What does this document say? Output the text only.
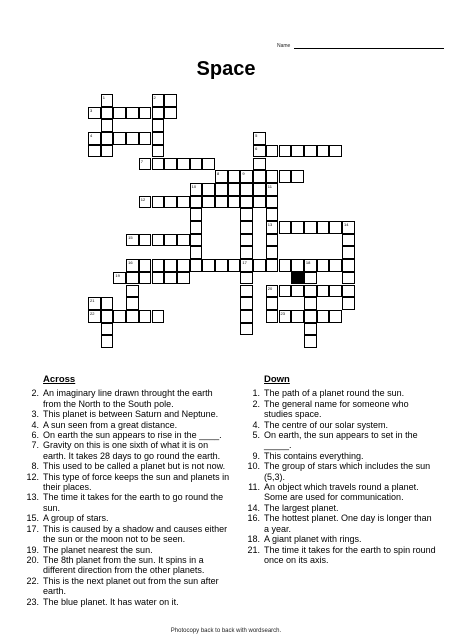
Name
Space
1	2
3
4	5
6
7
8	9
10	11
12
13	14
15
16	17	18
19
20
21
22	23
Across
2. An imaginary line drawn throught the earth from the North to the South pole.
3. This planet is between Saturn and Neptune.
4. A sun seen from a great distance.
6. On earth the sun appears to rise in the ____.
7. Gravity on this is one sixth of what it is on earth. It takes 28 days to go round the earth.
8. This used to be called a planet but is not now.
12. This type of force keeps the sun and planets in their places.
13. The time it takes for the earth to go round the sun.
15. A group of stars.
17. This is caused by a shadow and causes either the sun or the moon not to be seen.
19. The planet nearest the sun.
20. The 8th planet from the sun. It spins in a different direction from the other planets.
22. This is the next planet out from the sun after earth.
23. The blue planet. It has water on it.
Down
1. The path of a planet round the sun.
2. The general name for someone who studies space.
4. The centre of our solar system.
5. On earth, the sun appears to set in the _____.
9. This contains everything.
10. The group of stars which includes the sun (5,3).
11. An object which travels round a planet. Some are used for communication.
14. The largest planet.
16. The hottest planet. One day is longer than a year.
18. A giant planet with rings.
21. The time it takes for the earth to spin round once on its axis.
Photocopy back to back with wordsearch.
